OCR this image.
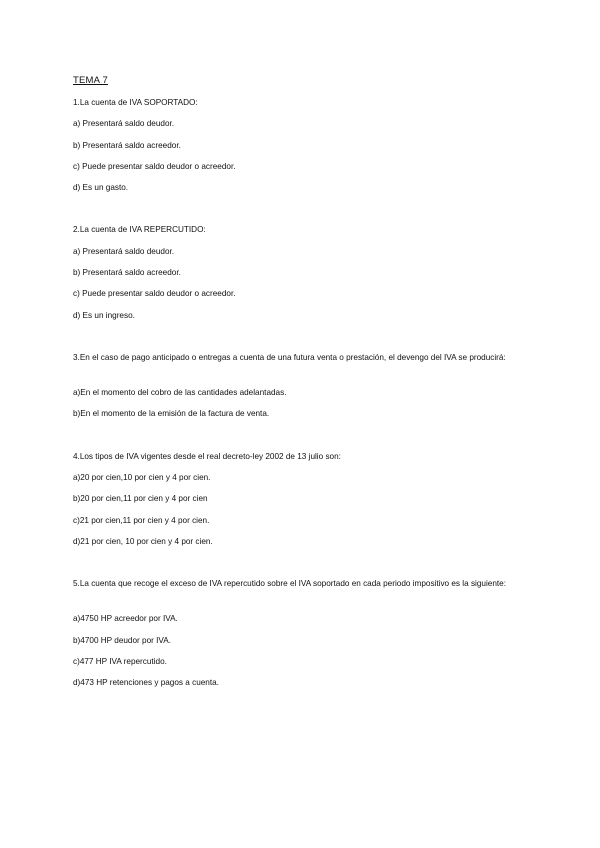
TEMA 7
1.La cuenta de IVA SOPORTADO:
a) Presentará saldo deudor.
b) Presentará saldo acreedor.
c) Puede presentar saldo deudor o acreedor.
d) Es un gasto.
2.La cuenta de IVA REPERCUTIDO:
a) Presentará saldo deudor.
b) Presentará saldo acreedor.
c) Puede presentar saldo deudor o acreedor.
d) Es un ingreso.
3.En el caso de pago anticipado o entregas a cuenta de una futura venta o prestación, el devengo del IVA se producirá:
a)En el momento del cobro de las cantidades adelantadas.
b)En el momento de la emisión de la factura de venta.
4.Los tipos de IVA vigentes desde el real decreto-ley 2002 de 13 julio son:
a)20 por cien,10 por cien y 4 por cien.
b)20 por cien,11 por cien y 4 por cien
c)21 por cien,11 por cien y 4 por cien.
d)21 por cien, 10 por cien y 4 por cien.
5.La cuenta que recoge el exceso de IVA repercutido sobre el IVA soportado en cada periodo impositivo es la siguiente:
a)4750 HP acreedor por IVA.
b)4700 HP deudor por IVA.
c)477 HP IVA repercutido.
d)473 HP retenciones y pagos a cuenta.
